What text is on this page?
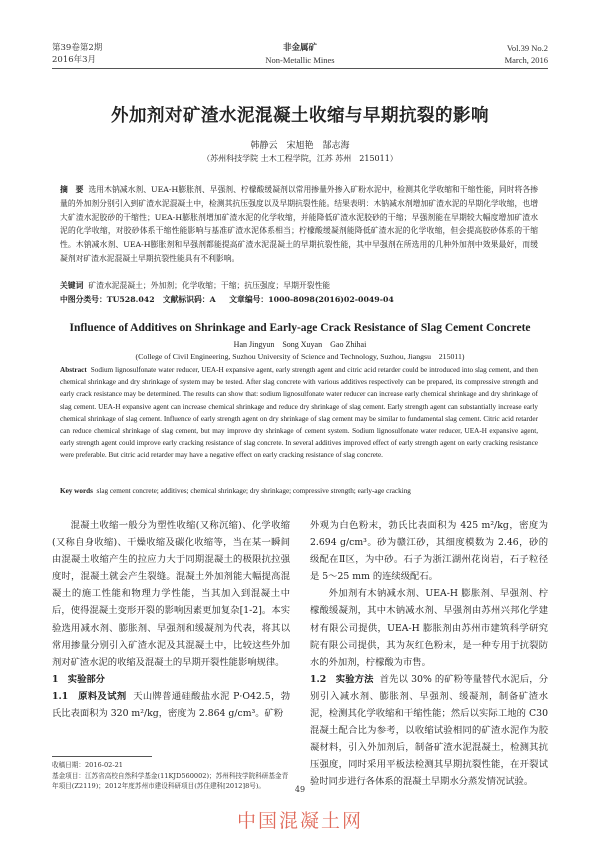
第39卷第2期
2016年3月
非金属矿
Non-Metallic Mines
Vol.39 No.2
March, 2016
外加剂对矿渣水泥混凝土收缩与早期抗裂的影响
韩静云　宋旭艳　郜志海
（苏州科技学院 土木工程学院，江苏 苏州　215011）
摘　要 选用木钠减水剂、UEA-H膨胀剂、早强剂、柠檬酸缓凝剂以常用掺量外掺入矿粉水泥中，检测其化学收缩和干缩性能，同时将各掺量的外加剂分别引入到矿渣水泥混凝土中，检测其抗压强度以及早期抗裂性能。结果表明：木钠减水剂增加矿渣水泥的早期化学收缩，也增大矿渣水泥胶砂的干缩性；UEA-H膨胀剂增加矿渣水泥的化学收缩，并能降低矿渣水泥胶砂的干缩；早强剂能在早期较大幅度增加矿渣水泥的化学收缩，对胶砂体系干缩性能影响与基准矿渣水泥体系相当；柠檬酸缓凝剂能降低矿渣水泥的化学收缩，但会提高胶砂体系的干缩性。木钠减水剂、UEA-H膨胀剂和早强剂都能提高矿渣水泥混凝土的早期抗裂性能，其中早强剂在所选用的几种外加剂中效果最好，而缓凝剂对矿渣水泥混凝土早期抗裂性能具有不利影响。
关键词 矿渣水泥混凝土；外加剂；化学收缩；干缩；抗压强度；早期开裂性能
中图分类号：TU528.042 文献标识码：A 文章编号：1000-8098(2016)02-0049-04
Influence of Additives on Shrinkage and Early-age Crack Resistance of Slag Cement Concrete
Han Jingyun　Song Xuyan　Gao Zhihai
(College of Civil Engineering, Suzhou University of Science and Technology, Suzhou, Jiangsu　215011)
Abstract Sodium lignosulfonate water reducer, UEA-H expansive agent, early strength agent and citric acid retarder could be introduced into slag cement, and then chemical shrinkage and dry shrinkage of system may be tested. After slag concrete with various additives respectively can be prepared, its compressive strength and early crack resistance may be determined. The results can show that: sodium lignosulfonate water reducer can increase early chemical shrinkage and dry shrinkage of slag cement. UEA-H expansive agent can increase chemical shrinkage and reduce dry shrinkage of slag cement. Early strength agent can substantially increase early chemical shrinkage of slag cement. Influence of early strength agent on dry shrinkage of slag cement may be similar to fundamental slag cement. Citric acid retarder can reduce chemical shrinkage of slag cement, but may improve dry shrinkage of cement system. Sodium lignosulfonate water reducer, UEA-H expansive agent, early strength agent could improve early cracking resistance of slag concrete. In several additives improved effect of early strength agent on early cracking resistance were preferable. But citric acid retarder may have a negative effect on early cracking resistance of slag concrete.
Key words slag cement concrete; additives; chemical shrinkage; dry shrinkage; compressive strength; early-age cracking

混凝土收缩一般分为塑性收缩(又称沉缩)、化学收缩(又称自身收缩)、干燥收缩及碳化收缩等，当在某一瞬间由混凝土收缩产生的拉应力大于同期混凝土的极限抗拉强度时，混凝土就会产生裂缝。混凝土外加剂能大幅提高混凝土的施工性能和物理力学性能，当其加入到混凝土中后，使得混凝土变形开裂的影响因素更加复杂[1-2]。本实验选用减水剂、膨胀剂、早强剂和缓凝剂为代表，将其以常用掺量分别引入矿渣水泥及其混凝土中，比较这些外加剂对矿渣水泥的收缩及混凝土的早期开裂性能影响规律。

1　实验部分

1.1　原料及试剂 天山牌普通硅酸盐水泥 P·O42.5，勃氏比表面积为 320 m²/kg，密度为 2.864 g/cm³。矿粉

外观为白色粉末，勃氏比表面积为 425 m²/kg，密度为 2.694 g/cm³。砂为赣江砂，其细度模数为 2.46，砂的级配在Ⅱ区，为中砂。石子为浙江湖州花岗岩，石子粒径是 5～25 mm 的连续级配石。

外加剂有木钠减水剂、UEA-H 膨胀剂、早强剂、柠檬酸缓凝剂，其中木钠减水剂、早强剂由苏州兴邦化学建材有限公司提供，UEA-H 膨胀剂由苏州市建筑科学研究院有限公司提供，其为灰红色粉末，是一种专用于抗裂防水的外加剂，柠檬酸为市售。

1.2　实验方法 首先以 30% 的矿粉等量替代水泥后，分别引入减水剂、膨胀剂、早强剂、缓凝剂，制备矿渣水泥，检测其化学收缩和干缩性能；然后以实际工地的 C30 混凝土配合比为参考，以收缩试验相同的矿渣水泥作为胶凝材料，引入外加剂后，制备矿渣水泥混凝土，检测其抗压强度，同时采用平板法检测其早期抗裂性能，在开裂试验时同步进行各体系的混凝土早期水分蒸发情况试验。

收稿日期：2016-02-21
基金项目：江苏省高校自然科学基金(11KJD560002)；苏州科技学院科研基金青年项目(Z2119)；2012年度苏州市建设科研项目(苏住建科[2012]8号)。	49
中国混凝土网
